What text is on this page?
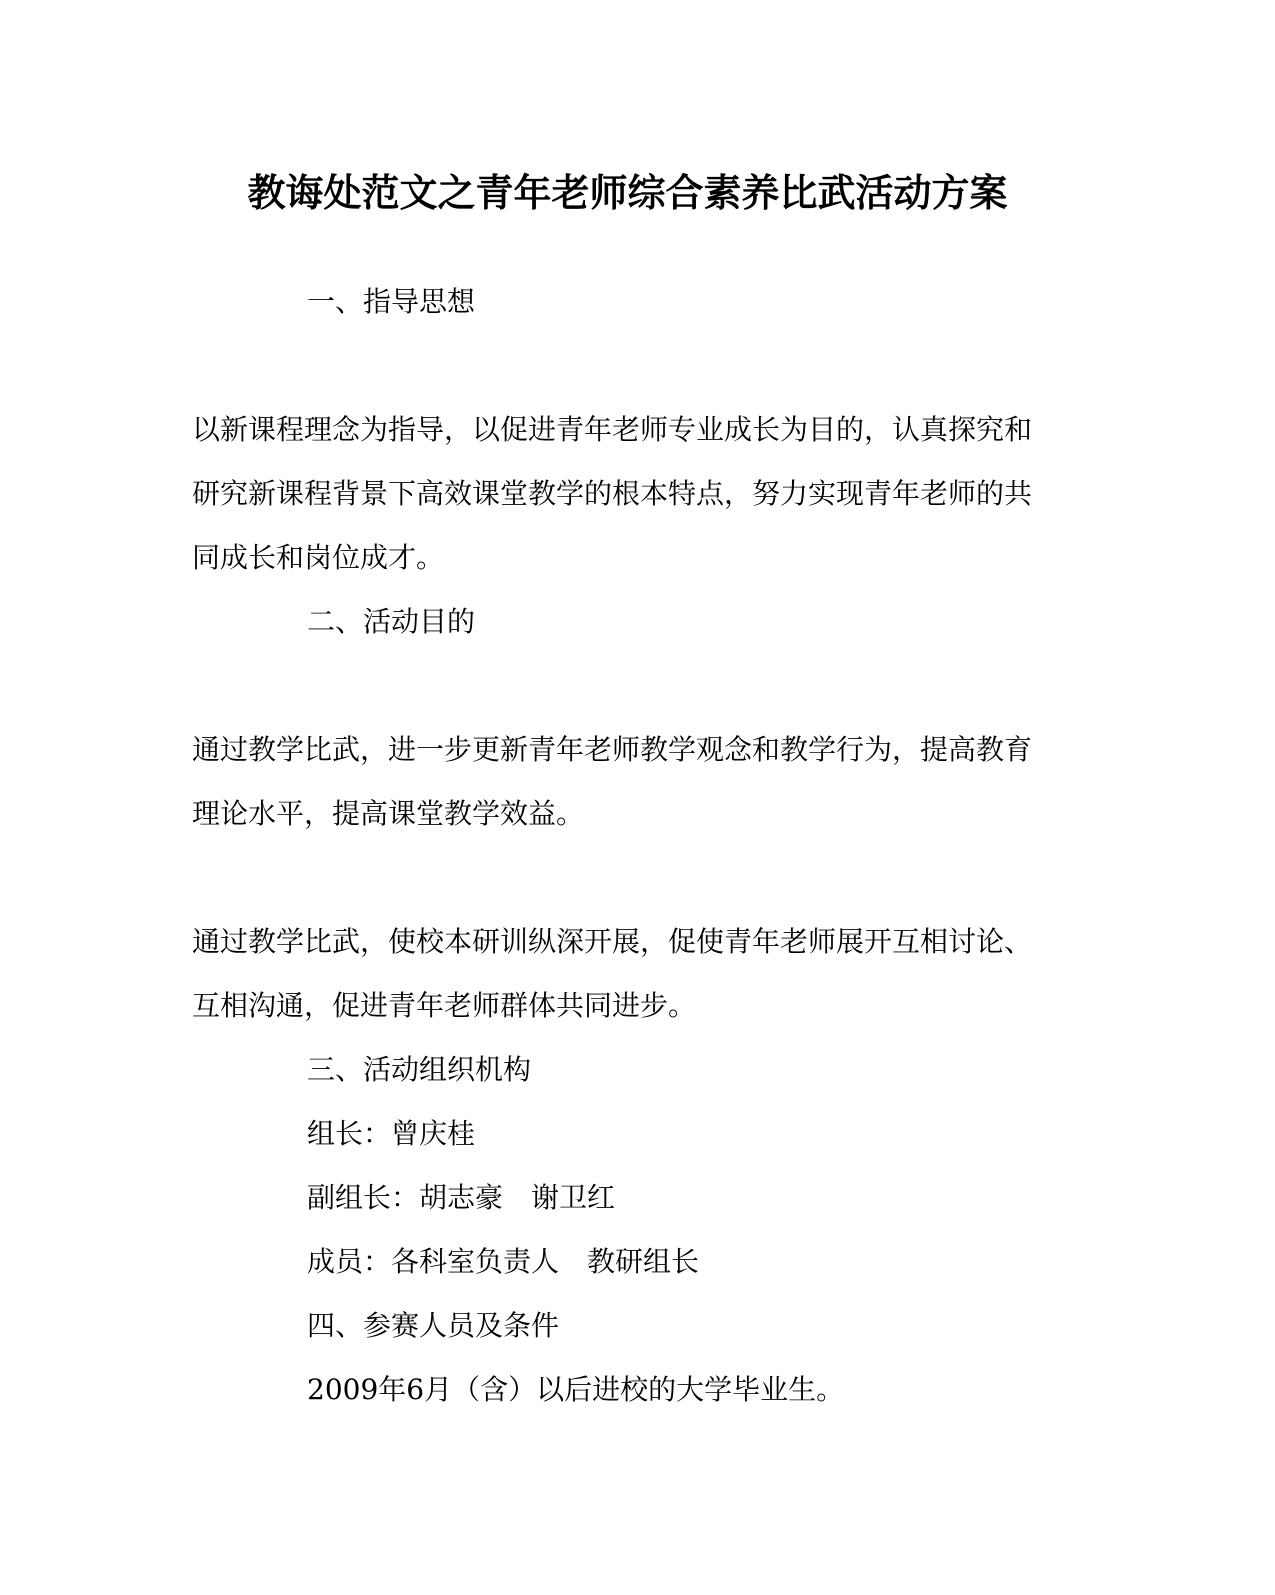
教诲处范文之青年老师综合素养比武活动方案
一、指导思想
以新课程理念为指导，以促进青年老师专业成长为目的，认真探究和
研究新课程背景下高效课堂教学的根本特点，努力实现青年老师的共
同成长和岗位成才。
二、活动目的
通过教学比武，进一步更新青年老师教学观念和教学行为，提高教育
理论水平，提高课堂教学效益。
通过教学比武，使校本研训纵深开展，促使青年老师展开互相讨论、
互相沟通，促进青年老师群体共同进步。
三、活动组织机构
组长：曾庆桂
副组长：胡志豪　谢卫红
成员：各科室负责人　教研组长
四、参赛人员及条件
2009年6月（含）以后进校的大学毕业生。
